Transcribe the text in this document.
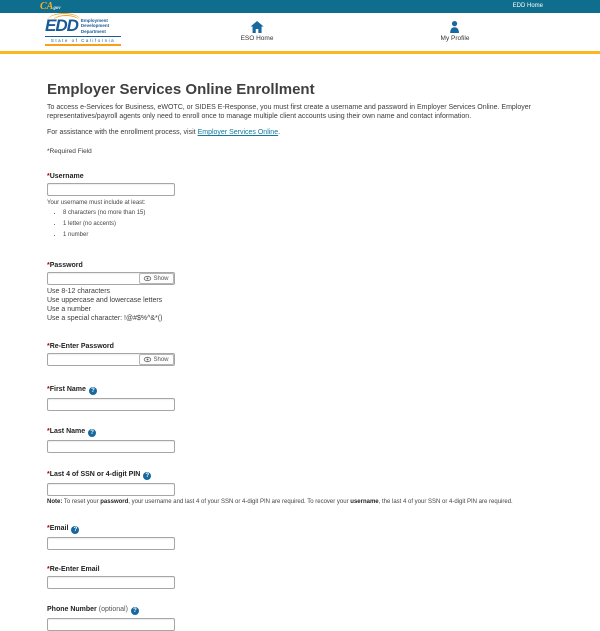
CAgov	EDD Home
EDD Employment
Development
Department
State of California	ESO Home	My Profile
Employer Services Online Enrollment

To access e-Services for Business, eWOTC, or SIDES E-Response, you must first create a username and password in Employer Services Online. Employer representatives/payroll agents only need to enroll once to manage multiple client accounts using their own name and contact information.

For assistance with the enrollment process, visit Employer Services Online.

*Required Field
*Username
Your username must include at least:
• 8 characters (no more than 15)
• 1 letter (no accents)
• 1 number
*Password
Show
Use 8-12 characters
Use uppercase and lowercase letters
Use a number
Use a special character: !@#$%^&*()
*Re-Enter Password
Show
*First Name ?
*Last Name ?
*Last 4 of SSN or 4-digit PIN ?
Note: To reset your password, your username and last 4 of your SSN or 4-digit PIN are required. To recover your username, the last 4 of your SSN or 4-digit PIN are required.
*Email ?
*Re-Enter Email
Phone Number (optional) ?
